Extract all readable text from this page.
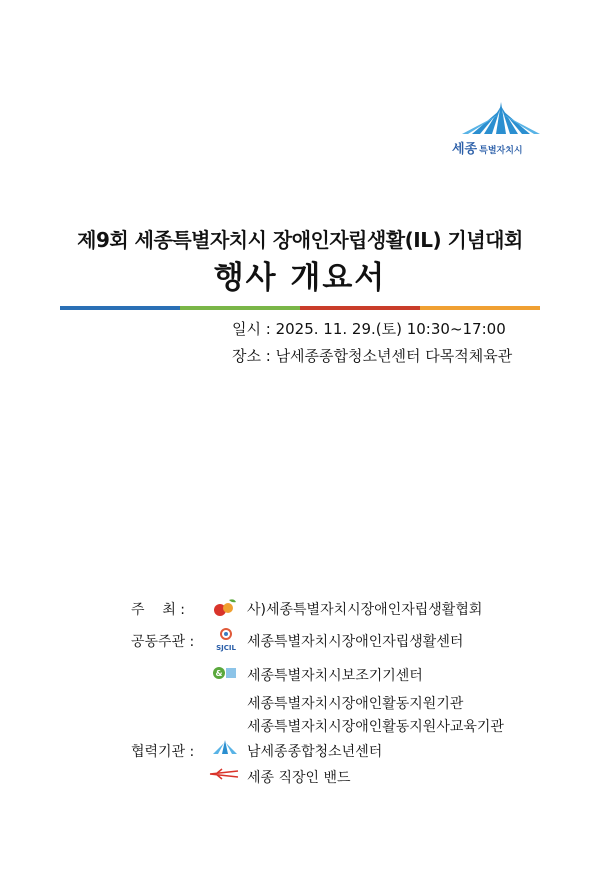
세종 특별자치시
제9회 세종특별자치시 장애인자립생활(IL) 기념대회
행사 개요서
일시 : 2025. 11. 29.(토) 10:30~17:00
장소 : 남세종종합청소년센터 다목적체육관
주    최 :	사)세종특별자치시장애인자립생활협회
공동주관 :	SJCIL 세종특별자치시장애인자립생활센터
& 세종특별자치시보조기기센터
세종특별자치시장애인활동지원기관
세종특별자치시장애인활동지원사교육기관
협력기관 :	남세종종합청소년센터
세종 직장인 밴드
